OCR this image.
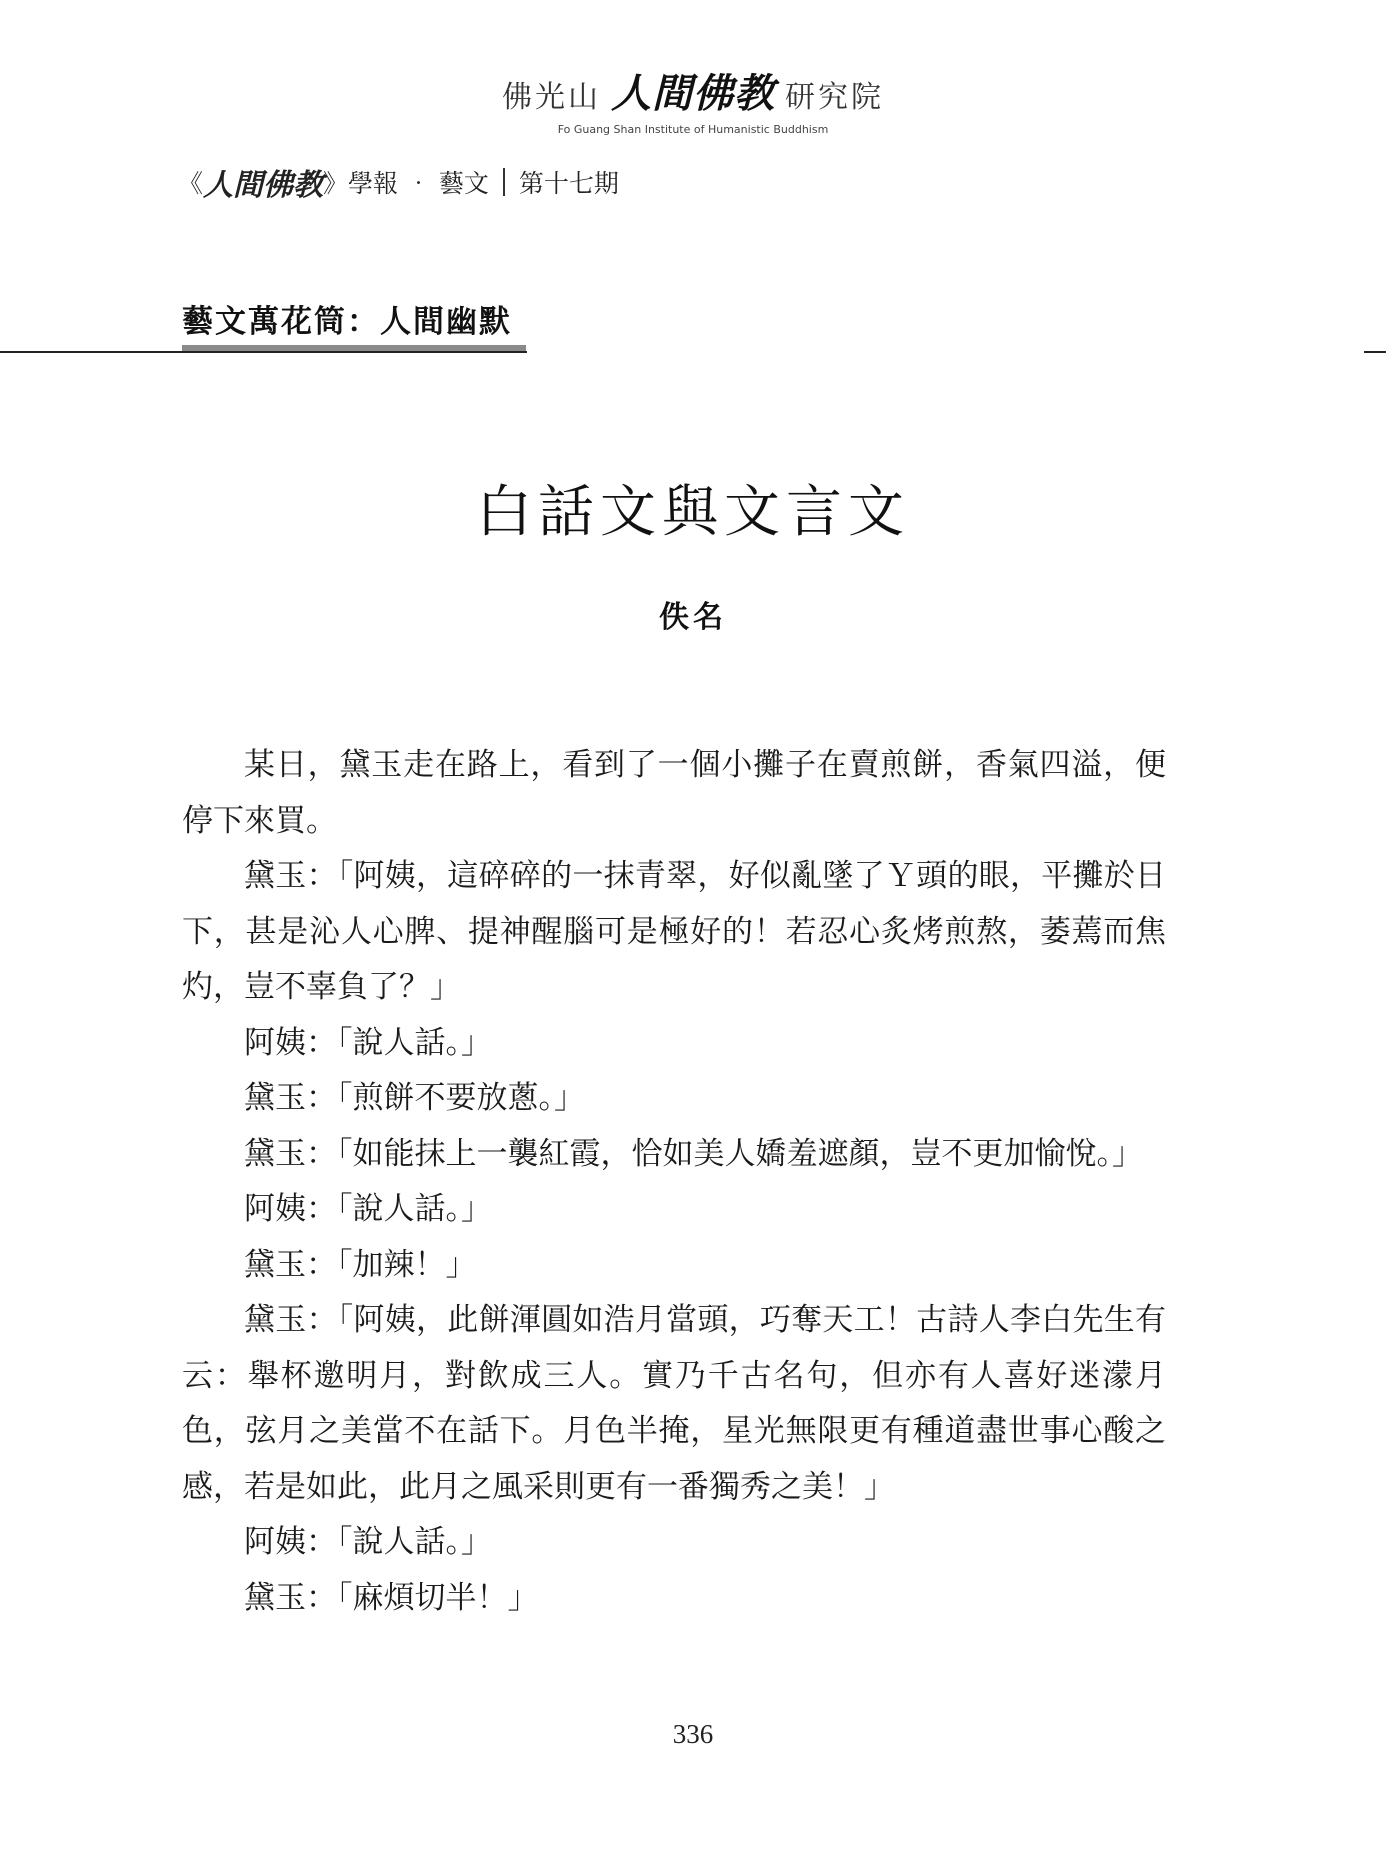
佛光山 人間佛教 研究院
Fo Guang Shan Institute of Humanistic Buddhism
《 人間佛教 》學報 ‧ 藝文 第十七期
藝文萬花筒：人間幽默
白話文與文言文
佚名

某日，黛玉走在路上，看到了一個小攤子在賣煎餅，香氣四溢，便停下來買。

黛玉：「阿姨，這碎碎的一抹青翠，好似亂墜了Ｙ頭的眼，平攤於日下，甚是沁人心脾、提神醒腦可是極好的！若忍心炙烤煎熬，萎蔫而焦灼，豈不辜負了？」

阿姨：「說人話。」

黛玉：「煎餅不要放蔥。」

黛玉：「如能抹上一襲紅霞，恰如美人嬌羞遮顏，豈不更加愉悅。」

阿姨：「說人話。」

黛玉：「加辣！」

黛玉：「阿姨，此餅渾圓如浩月當頭，巧奪天工！古詩人李白先生有云：舉杯邀明月，對飲成三人。實乃千古名句，但亦有人喜好迷濛月色，弦月之美當不在話下。月色半掩，星光無限更有種道盡世事心酸之感，若是如此，此月之風采則更有一番獨秀之美！」

阿姨：「說人話。」

黛玉：「麻煩切半！」

336
